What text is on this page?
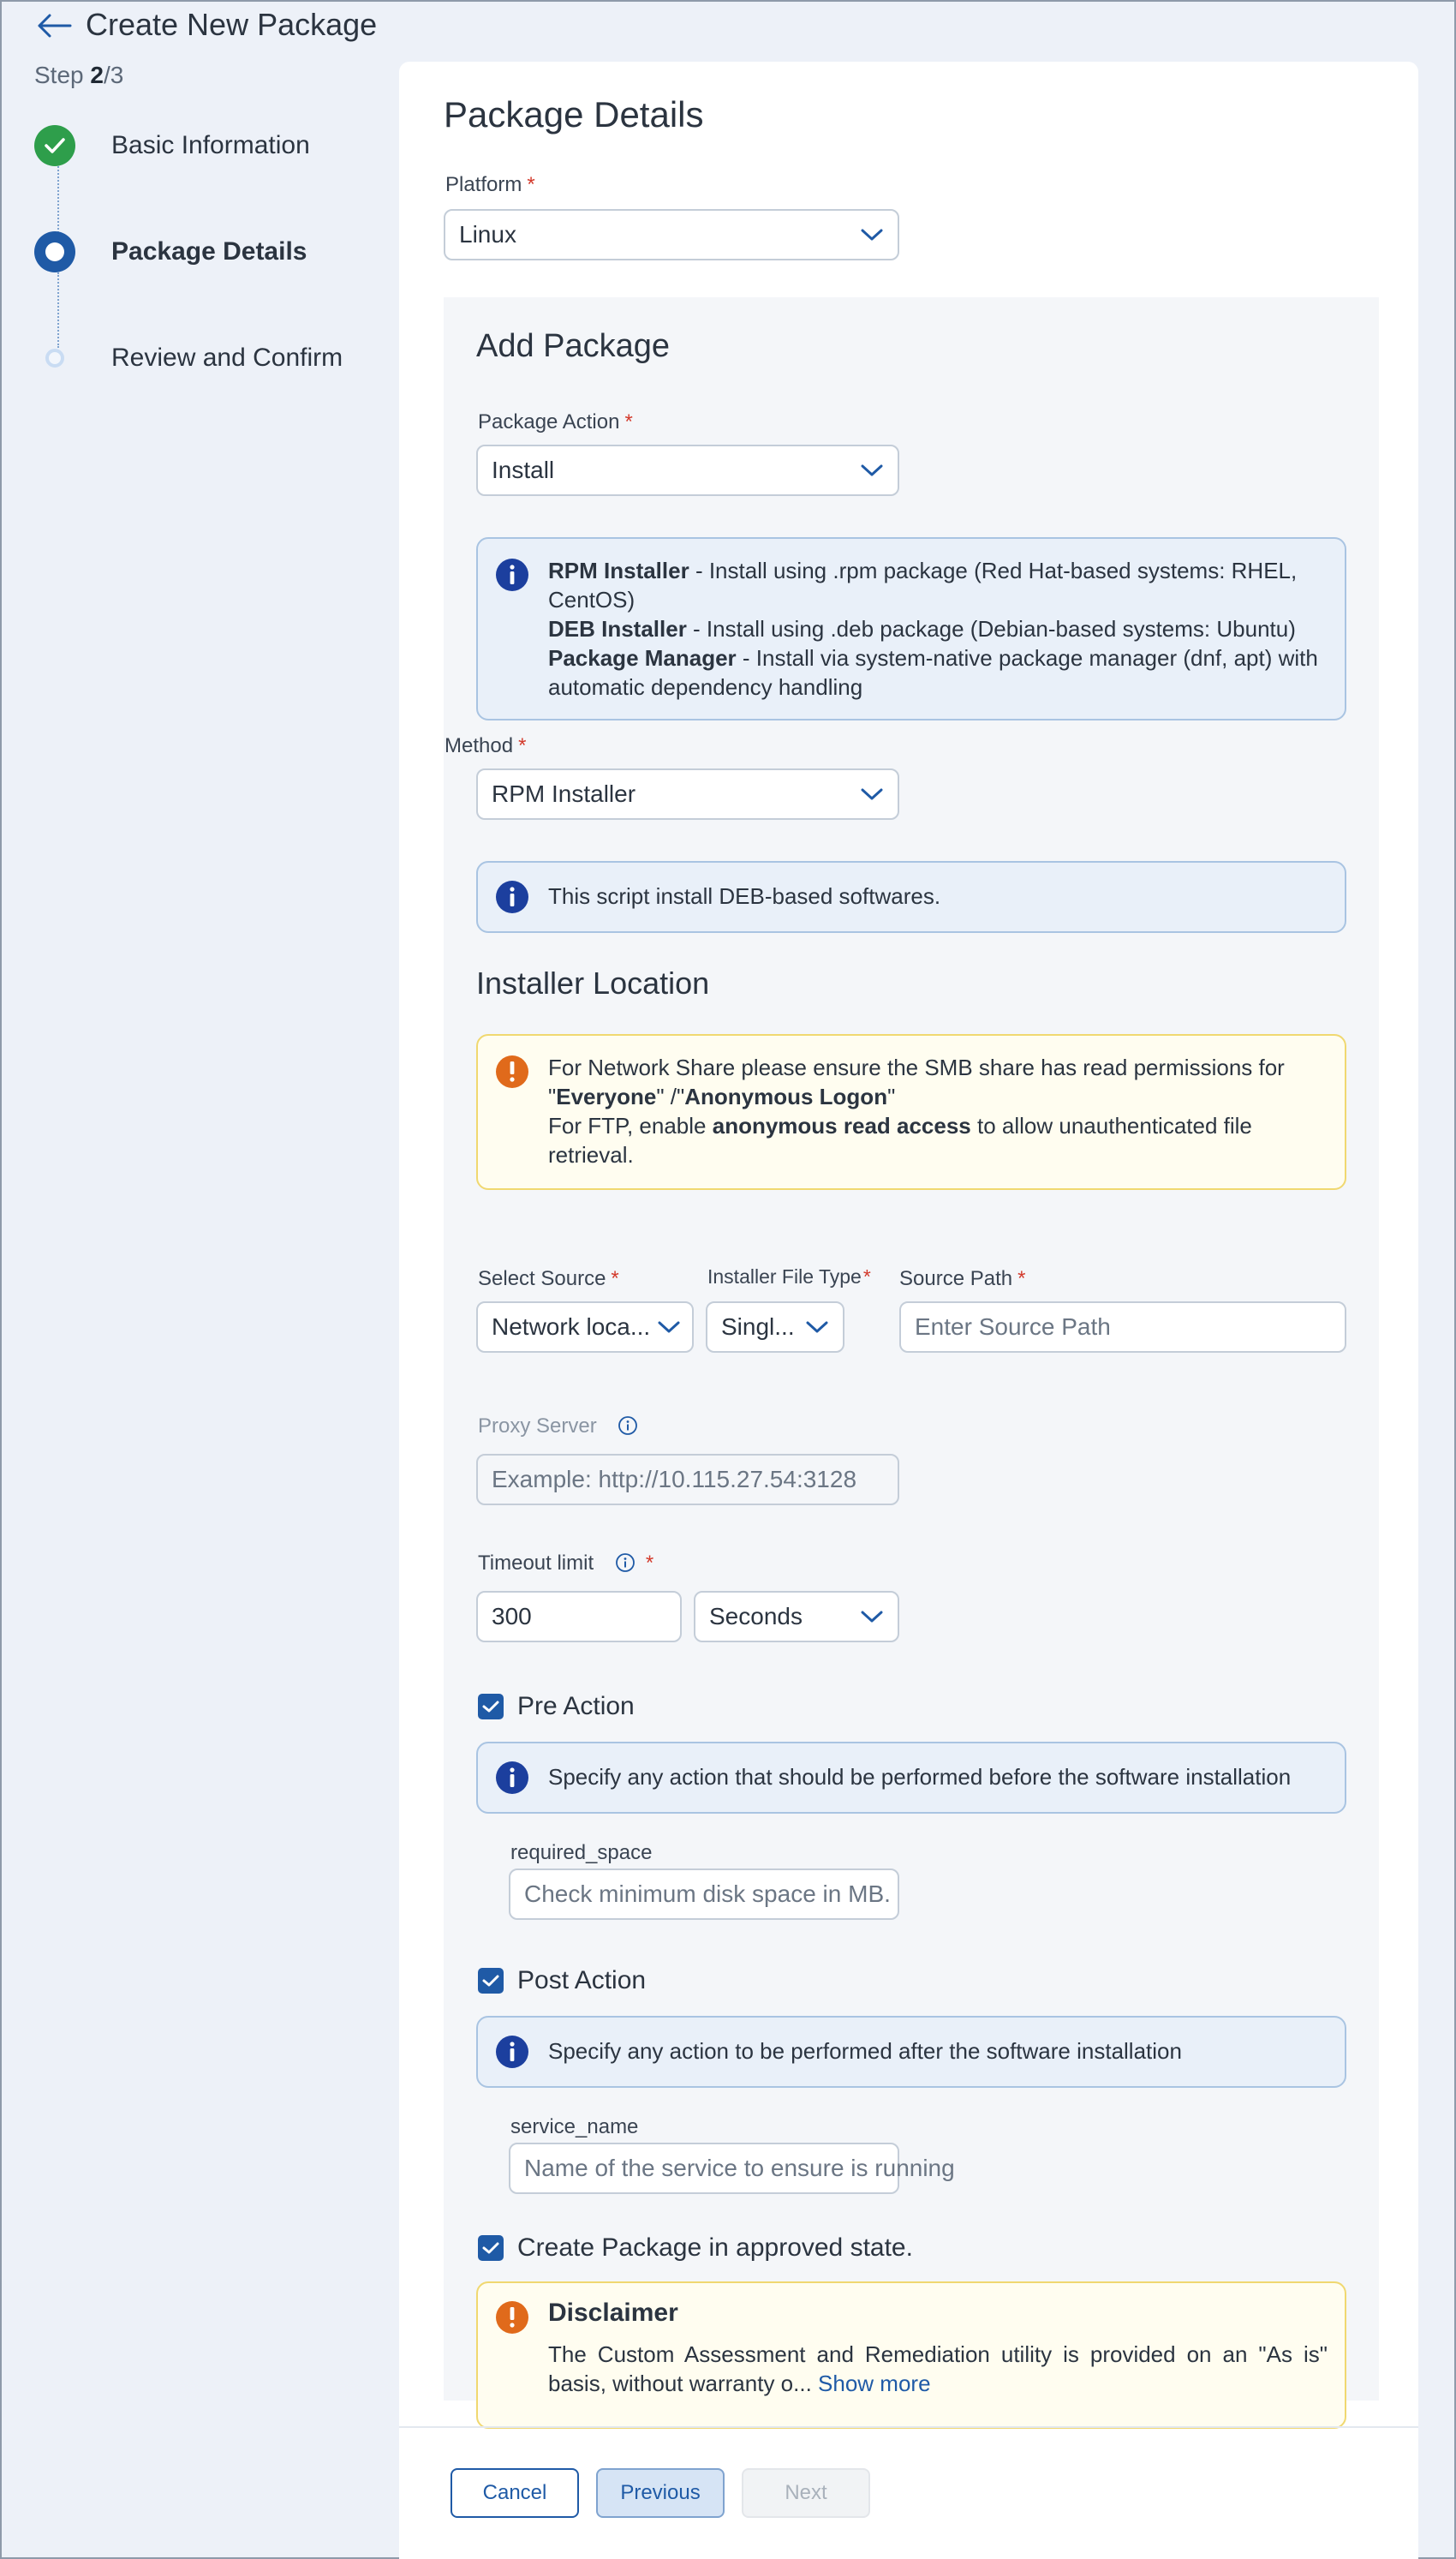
Create New Package
Step 2/3
Basic Information
Package Details
Review and Confirm
Package Details
Platform *
Linux
Add Package
Package Action *
Install
RPM Installer - Install using .rpm package (Red Hat-based systems: RHEL, CentOS)
DEB Installer - Install using .deb package (Debian-based systems: Ubuntu)
Package Manager - Install via system-native package manager (dnf, apt) with automatic dependency handling
Method *
RPM Installer
This script install DEB-based softwares.
Installer Location
For Network Share please ensure the SMB share has read permissions for
"Everyone" /"Anonymous Logon"
For FTP, enable anonymous read access to allow unauthenticated file retrieval.
Select Source *
Network loca...
Installer File Type*
Singl...
Source Path *
Enter Source Path
Proxy Server
Example: http://10.115.27.54:3128
Timeout limit	*
300	Seconds
Pre Action
Specify any action that should be performed before the software installation
required_space
Check minimum disk space in MB.
Post Action
Specify any action to be performed after the software installation
service_name
Name of the service to ensure is running
Create Package in approved state.
Disclaimer
The Custom Assessment and Remediation utility is provided on an "As is" basis, without warranty o... Show more
Cancel	Previous	Next
